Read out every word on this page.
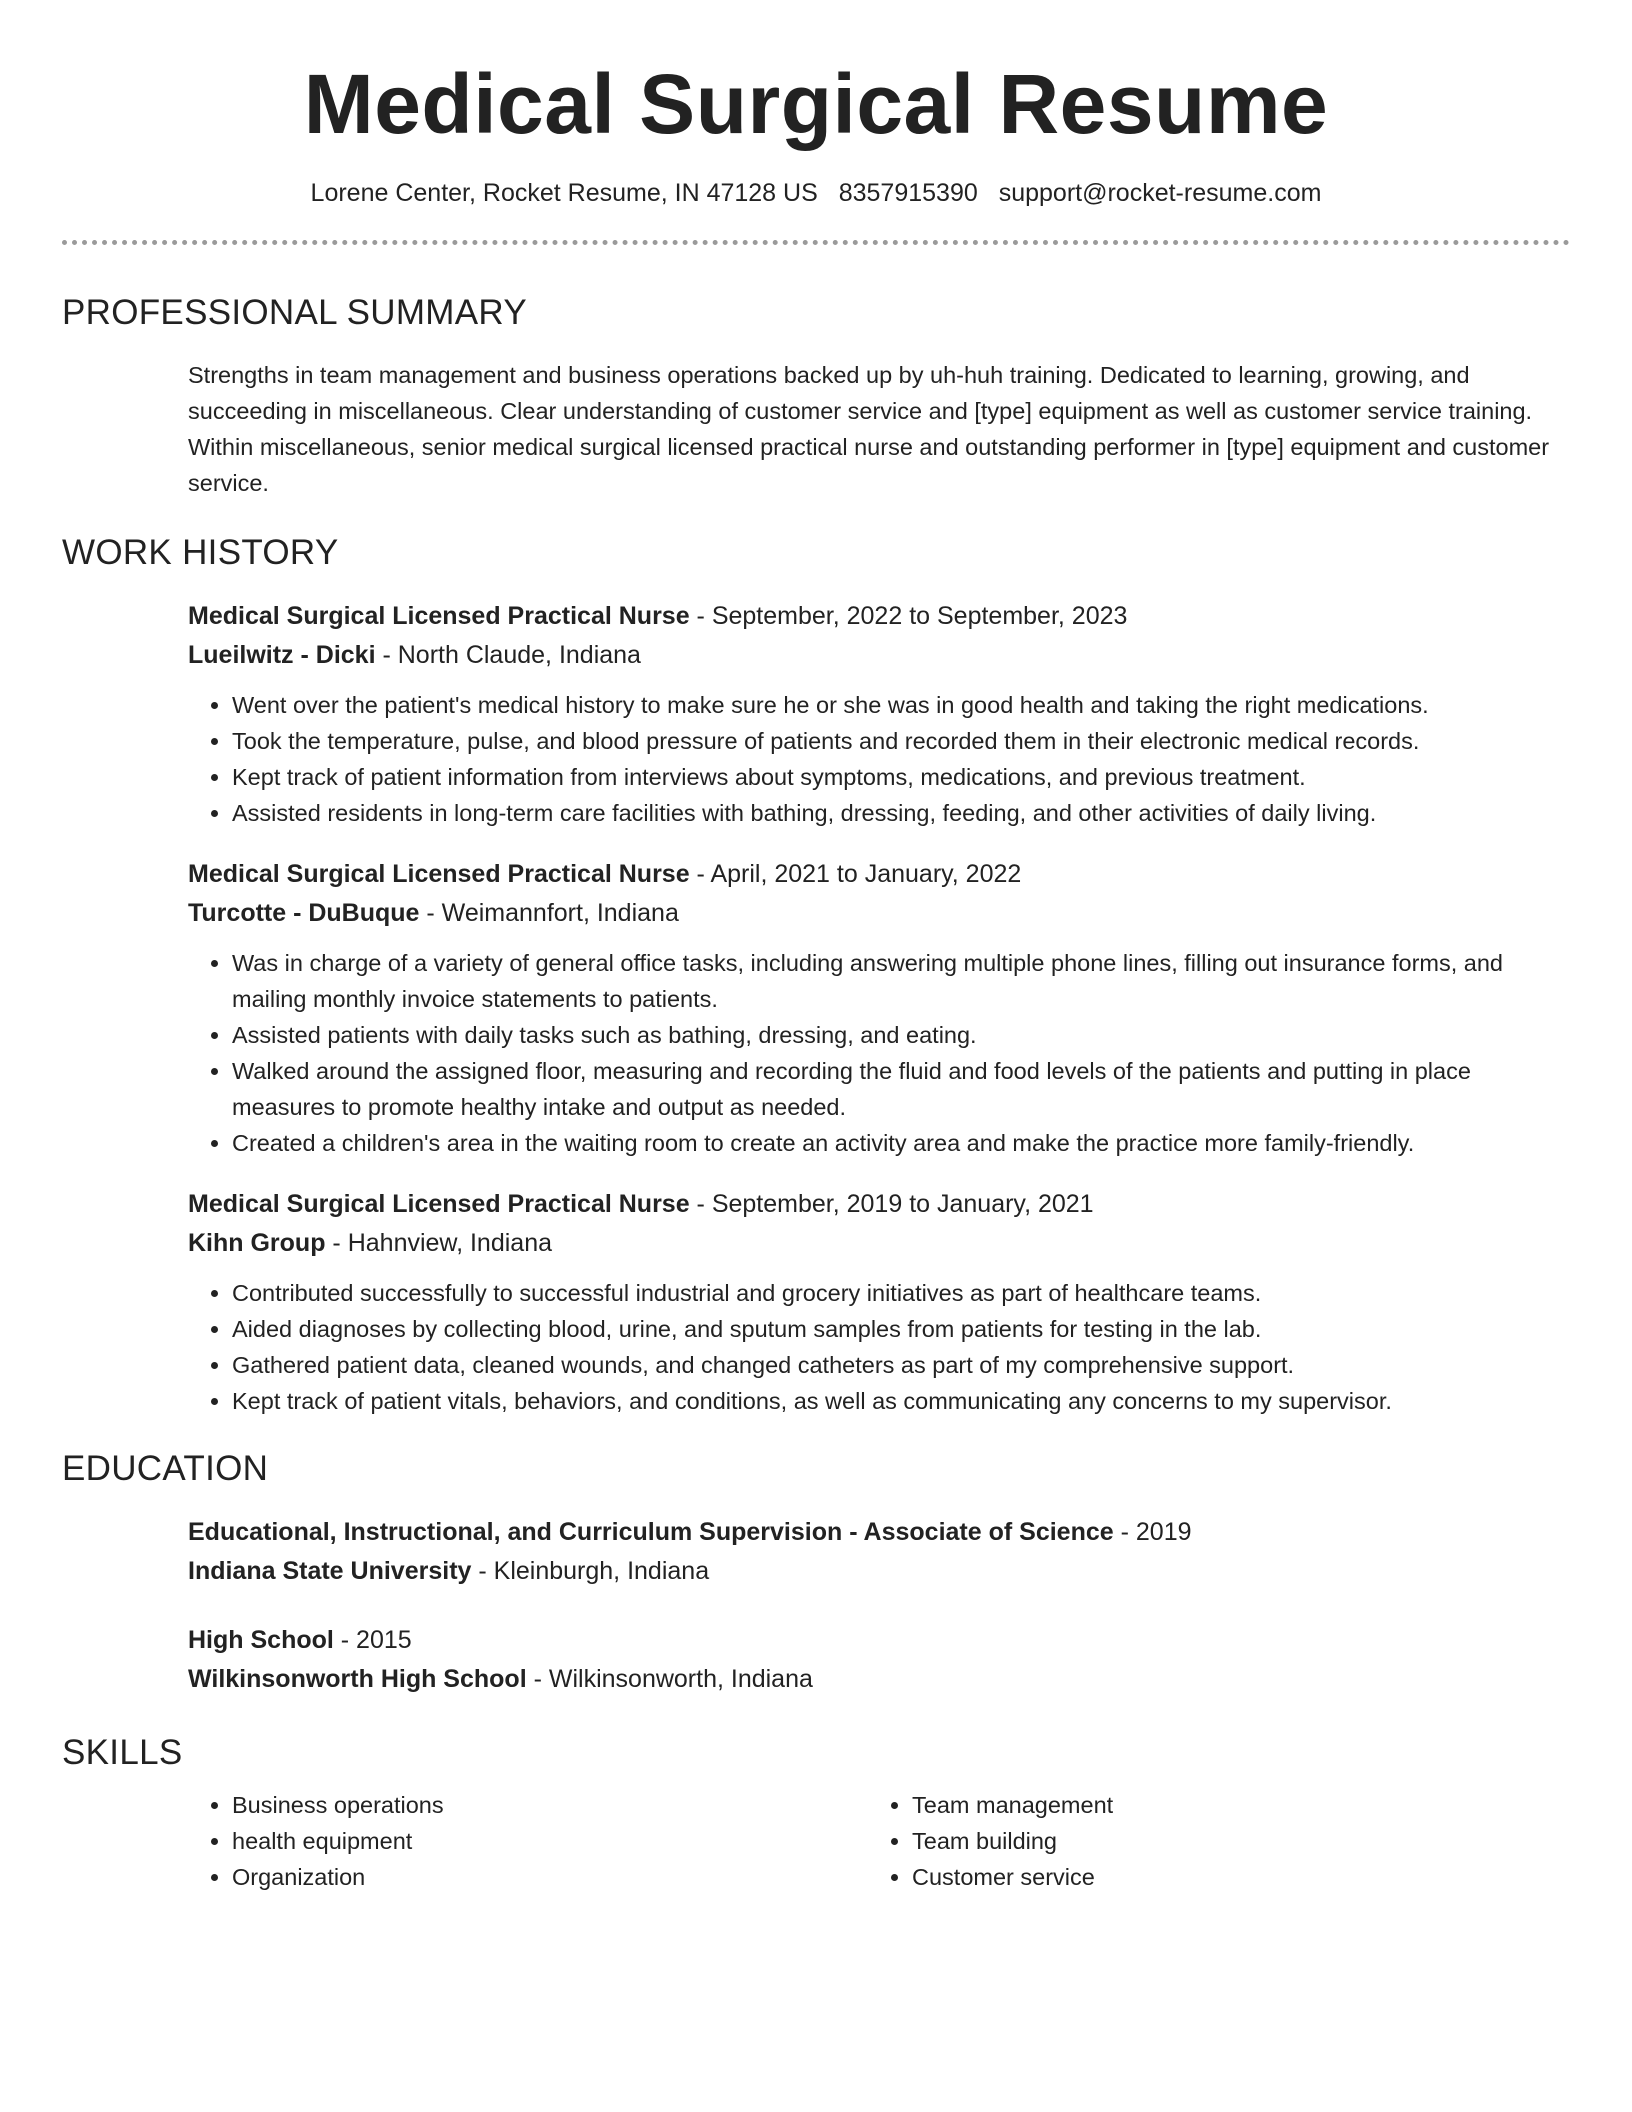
Medical Surgical Resume
Lorene Center, Rocket Resume, IN 47128 US 8357915390 support@rocket-resume.com
PROFESSIONAL SUMMARY
Strengths in team management and business operations backed up by uh-huh training. Dedicated to learning, growing, and succeeding in miscellaneous. Clear understanding of customer service and [type] equipment as well as customer service training. Within miscellaneous, senior medical surgical licensed practical nurse and outstanding performer in [type] equipment and customer service.
WORK HISTORY
Medical Surgical Licensed Practical Nurse - September, 2022 to September, 2023
Lueilwitz - Dicki - North Claude, Indiana
• Went over the patient's medical history to make sure he or she was in good health and taking the right medications.
• Took the temperature, pulse, and blood pressure of patients and recorded them in their electronic medical records.
• Kept track of patient information from interviews about symptoms, medications, and previous treatment.
• Assisted residents in long-term care facilities with bathing, dressing, feeding, and other activities of daily living.
Medical Surgical Licensed Practical Nurse - April, 2021 to January, 2022
Turcotte - DuBuque - Weimannfort, Indiana
• Was in charge of a variety of general office tasks, including answering multiple phone lines, filling out insurance forms, and mailing monthly invoice statements to patients.
• Assisted patients with daily tasks such as bathing, dressing, and eating.
• Walked around the assigned floor, measuring and recording the fluid and food levels of the patients and putting in place measures to promote healthy intake and output as needed.
• Created a children's area in the waiting room to create an activity area and make the practice more family-friendly.
Medical Surgical Licensed Practical Nurse - September, 2019 to January, 2021
Kihn Group - Hahnview, Indiana
• Contributed successfully to successful industrial and grocery initiatives as part of healthcare teams.
• Aided diagnoses by collecting blood, urine, and sputum samples from patients for testing in the lab.
• Gathered patient data, cleaned wounds, and changed catheters as part of my comprehensive support.
• Kept track of patient vitals, behaviors, and conditions, as well as communicating any concerns to my supervisor.
EDUCATION
Educational, Instructional, and Curriculum Supervision - Associate of Science - 2019
Indiana State University - Kleinburgh, Indiana
High School - 2015
Wilkinsonworth High School - Wilkinsonworth, Indiana
SKILLS
• Business operations
• health equipment
• Organization
• Team management
• Team building
• Customer service
